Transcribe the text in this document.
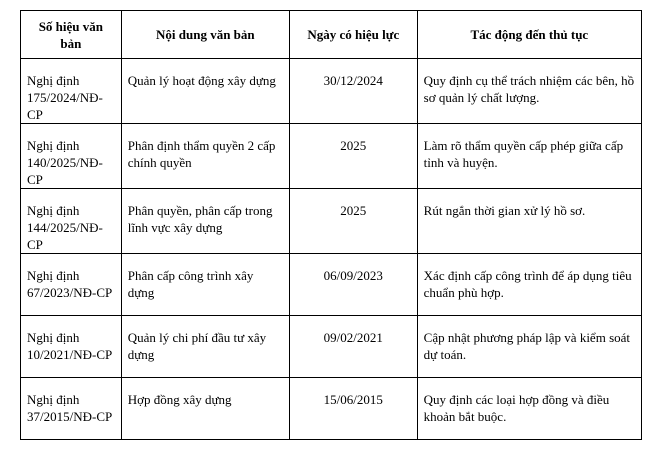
Số hiệu văn bản	Nội dung văn bản	Ngày có hiệu lực	Tác động đến thủ tục

Nghị định
175/2024/NĐ-CP	Quản lý hoạt động xây dựng	30/12/2024	Quy định cụ thể trách nhiệm các bên, hồ sơ quản lý chất lượng.

Nghị định
140/2025/NĐ-CP	Phân định thẩm quyền 2 cấp chính quyền	2025	Làm rõ thẩm quyền cấp phép giữa cấp tỉnh và huyện.

Nghị định
144/2025/NĐ-CP	Phân quyền, phân cấp trong lĩnh vực xây dựng	2025	Rút ngắn thời gian xử lý hồ sơ.

Nghị định
67/2023/NĐ-CP	Phân cấp công trình xây dựng	06/09/2023	Xác định cấp công trình để áp dụng tiêu chuẩn phù hợp.

Nghị định
10/2021/NĐ-CP	Quản lý chi phí đầu tư xây dựng	09/02/2021	Cập nhật phương pháp lập và kiểm soát dự toán.

Nghị định
37/2015/NĐ-CP	Hợp đồng xây dựng	15/06/2015	Quy định các loại hợp đồng và điều khoản bắt buộc.
